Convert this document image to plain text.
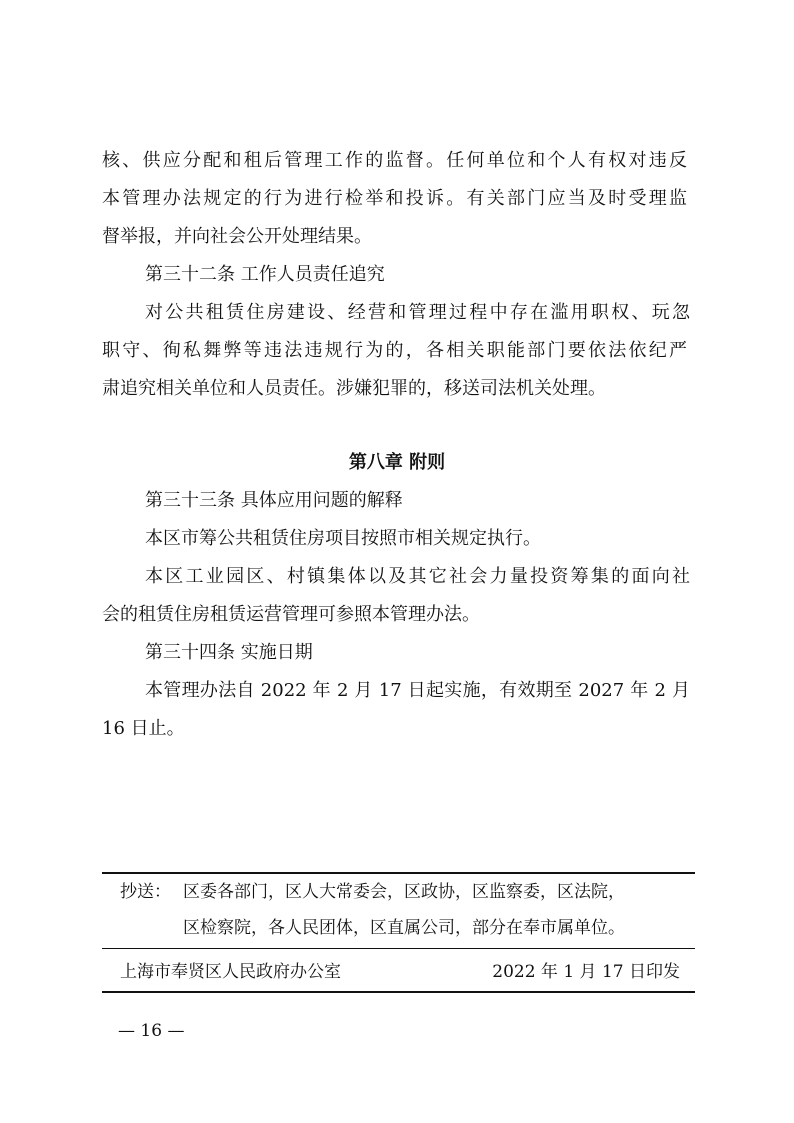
核、供应分配和租后管理工作的监督。任何单位和个人有权对违反
本管理办法规定的行为进行检举和投诉。有关部门应当及时受理监
督举报，并向社会公开处理结果。
第三十二条 工作人员责任追究
对公共租赁住房建设、经营和管理过程中存在滥用职权、玩忽
职守、徇私舞弊等违法违规行为的，各相关职能部门要依法依纪严
肃追究相关单位和人员责任。涉嫌犯罪的，移送司法机关处理。
第八章 附则
第三十三条 具体应用问题的解释
本区市筹公共租赁住房项目按照市相关规定执行。
本区工业园区、村镇集体以及其它社会力量投资筹集的面向社
会的租赁住房租赁运营管理可参照本管理办法。
第三十四条 实施日期
本管理办法自 2022 年 2 月 17 日起实施，有效期至 2027 年 2 月
16 日止。
抄送： 区委各部门，区人大常委会，区政协，区监察委，区法院，
区检察院，各人民团体，区直属公司，部分在奉市属单位。
上海市奉贤区人民政府办公室	2022 年 1 月 17 日印发
— 16 —
